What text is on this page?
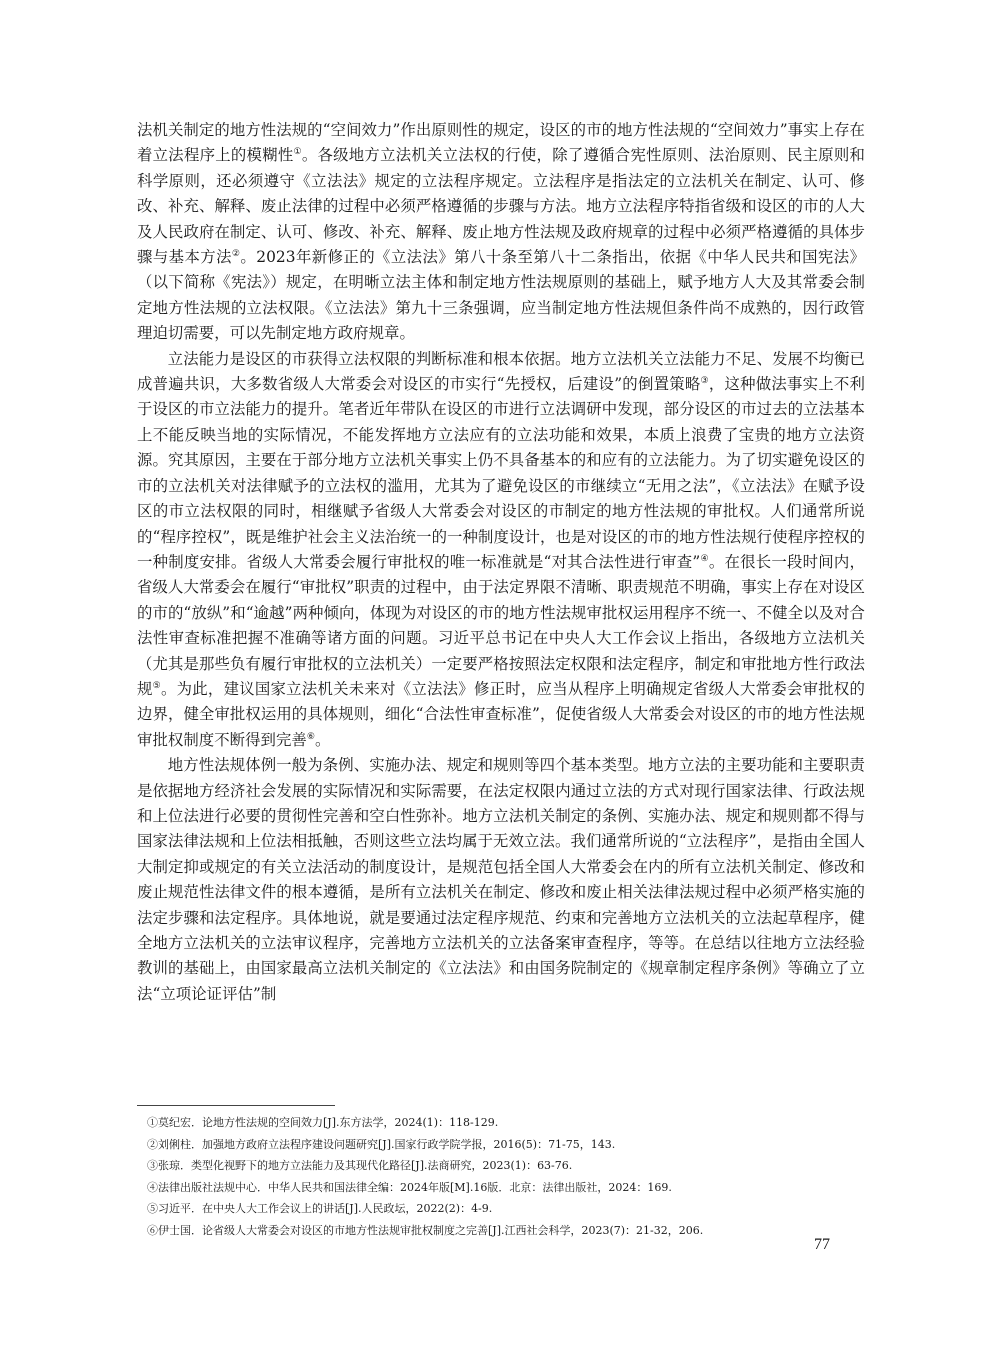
法机关制定的地方性法规的“空间效力”作出原则性的规定，设区的市的地方性法规的“空间效力”事实上存在着立法程序上的模糊性①。各级地方立法机关立法权的行使，除了遵循合宪性原则、法治原则、民主原则和科学原则，还必须遵守《立法法》规定的立法程序规定。立法程序是指法定的立法机关在制定、认可、修改、补充、解释、废止法律的过程中必须严格遵循的步骤与方法。地方立法程序特指省级和设区的市的人大及人民政府在制定、认可、修改、补充、解释、废止地方性法规及政府规章的过程中必须严格遵循的具体步骤与基本方法②。2023年新修正的《立法法》第八十条至第八十二条指出，依据《中华人民共和国宪法》（以下简称《宪法》）规定，在明晰立法主体和制定地方性法规原则的基础上，赋予地方人大及其常委会制定地方性法规的立法权限。《立法法》第九十三条强调，应当制定地方性法规但条件尚不成熟的，因行政管理迫切需要，可以先制定地方政府规章。

立法能力是设区的市获得立法权限的判断标准和根本依据。地方立法机关立法能力不足、发展不均衡已成普遍共识，大多数省级人大常委会对设区的市实行“先授权，后建设”的倒置策略③，这种做法事实上不利于设区的市立法能力的提升。笔者近年带队在设区的市进行立法调研中发现，部分设区的市过去的立法基本上不能反映当地的实际情况，不能发挥地方立法应有的立法功能和效果，本质上浪费了宝贵的地方立法资源。究其原因，主要在于部分地方立法机关事实上仍不具备基本的和应有的立法能力。为了切实避免设区的市的立法机关对法律赋予的立法权的滥用，尤其为了避免设区的市继续立“无用之法”，《立法法》在赋予设区的市立法权限的同时，相继赋予省级人大常委会对设区的市制定的地方性法规的审批权。人们通常所说的“程序控权”，既是维护社会主义法治统一的一种制度设计，也是对设区的市的地方性法规行使程序控权的一种制度安排。省级人大常委会履行审批权的唯一标准就是“对其合法性进行审查”④。在很长一段时间内，省级人大常委会在履行“审批权”职责的过程中，由于法定界限不清晰、职责规范不明确，事实上存在对设区的市的“放纵”和“逾越”两种倾向，体现为对设区的市的地方性法规审批权运用程序不统一、不健全以及对合法性审查标准把握不准确等诸方面的问题。习近平总书记在中央人大工作会议上指出，各级地方立法机关（尤其是那些负有履行审批权的立法机关）一定要严格按照法定权限和法定程序，制定和审批地方性行政法规⑤。为此，建议国家立法机关未来对《立法法》修正时，应当从程序上明确规定省级人大常委会审批权的边界，健全审批权运用的具体规则，细化“合法性审查标准”，促使省级人大常委会对设区的市的地方性法规审批权制度不断得到完善⑥。

地方性法规体例一般为条例、实施办法、规定和规则等四个基本类型。地方立法的主要功能和主要职责是依据地方经济社会发展的实际情况和实际需要，在法定权限内通过立法的方式对现行国家法律、行政法规和上位法进行必要的贯彻性完善和空白性弥补。地方立法机关制定的条例、实施办法、规定和规则都不得与国家法律法规和上位法相抵触，否则这些立法均属于无效立法。我们通常所说的“立法程序”，是指由全国人大制定抑或规定的有关立法活动的制度设计，是规范包括全国人大常委会在内的所有立法机关制定、修改和废止规范性法律文件的根本遵循，是所有立法机关在制定、修改和废止相关法律法规过程中必须严格实施的法定步骤和法定程序。具体地说，就是要通过法定程序规范、约束和完善地方立法机关的立法起草程序，健全地方立法机关的立法审议程序，完善地方立法机关的立法备案审查程序，等等。在总结以往地方立法经验教训的基础上，由国家最高立法机关制定的《立法法》和由国务院制定的《规章制定程序条例》等确立了立法“立项论证评估”制

①莫纪宏．论地方性法规的空间效力[J].东方法学，2024(1)：118-129.
②刘俐柱．加强地方政府立法程序建设问题研究[J].国家行政学院学报，2016(5)：71-75，143.
③张琼．类型化视野下的地方立法能力及其现代化路径[J].法商研究，2023(1)：63-76.
④法律出版社法规中心．中华人民共和国法律全编：2024年版[M].16版．北京：法律出版社，2024：169.
⑤习近平．在中央人大工作会议上的讲话[J].人民政坛，2022(2)：4-9.
⑥伊士国．论省级人大常委会对设区的市地方性法规审批权制度之完善[J].江西社会科学，2023(7)：21-32，206.
77
